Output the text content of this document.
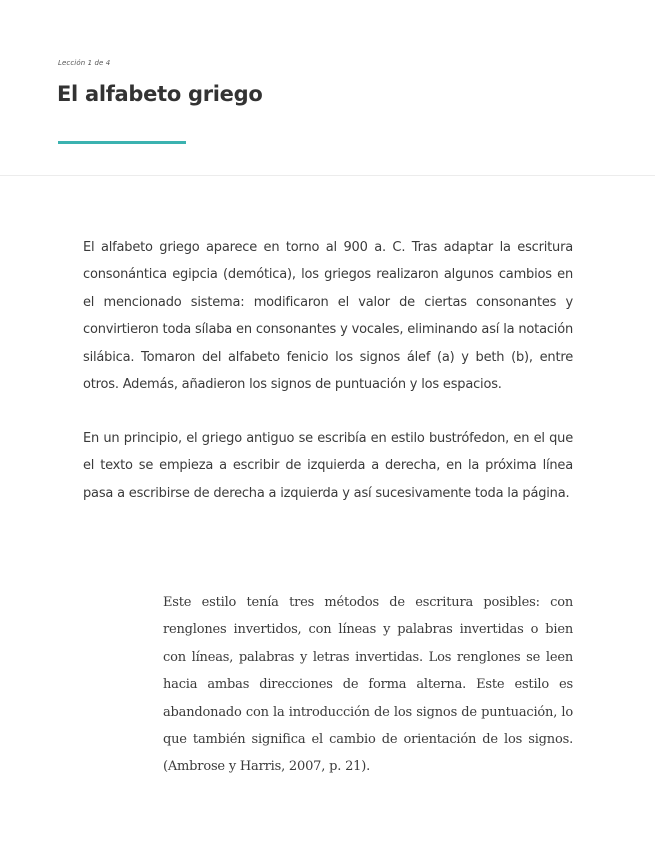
Lección 1 de 4
El alfabeto griego

El alfabeto griego aparece en torno al 900 a. C. Tras adaptar la escritura consonántica egipcia (demótica), los griegos realizaron algunos cambios en el mencionado sistema: modificaron el valor de ciertas consonantes y convirtieron toda sílaba en consonantes y vocales, eliminando así la notación silábica. Tomaron del alfabeto fenicio los signos álef (a) y beth (b), entre otros. Además, añadieron los signos de puntuación y los espacios.

En un principio, el griego antiguo se escribía en estilo bustrófedon, en el que el texto se empieza a escribir de izquierda a derecha, en la próxima línea pasa a escribirse de derecha a izquierda y así sucesivamente toda la página.

Este estilo tenía tres métodos de escritura posibles: con renglones invertidos, con líneas y palabras invertidas o bien con líneas, palabras y letras invertidas. Los renglones se leen hacia ambas direcciones de forma alterna. Este estilo es abandonado con la introducción de los signos de puntuación, lo que también significa el cambio de orientación de los signos. (Ambrose y Harris, 2007, p. 21).
